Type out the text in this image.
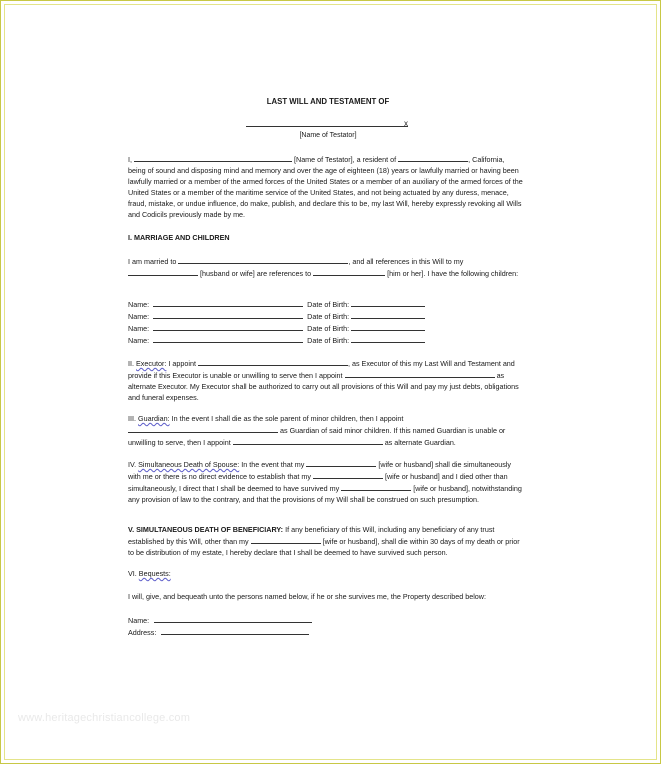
LAST WILL AND TESTAMENT OF
x
[Name of Testator]

I,	[Name of Testator], a resident of	, California, being of sound and disposing mind and memory and over the age of eighteen (18) years or lawfully married or having been lawfully married or a member of the armed forces of the United States or a member of an auxiliary of the armed forces of the United States or a member of the maritime service of the United States, and not being actuated by any duress, menace, fraud, mistake, or undue influence, do make, publish, and declare this to be, my last Will, hereby expressly revoking all Wills and Codicils previously made by me.

I. MARRIAGE AND CHILDREN

I am married to	, and all references in this Will to my  [husband or wife] are references to	[him or her]. I have the following children:

Name:	Date of Birth:
Name:	Date of Birth:
Name:	Date of Birth:
Name:	Date of Birth:

II. Executor: I appoint	, as Executor of this my Last Will and Testament and provide if this Executor is unable or unwilling to serve then I appoint	as alternate Executor. My Executor shall be authorized to carry out all provisions of this Will and pay my just debts, obligations and funeral expenses.

III. Guardian: In the event I shall die as the sole parent of minor children, then I appoint  as Guardian of said minor children. If this named Guardian is unable or unwilling to serve, then I appoint	as alternate Guardian.

IV. Simultaneous Death of Spouse: In the event that my	[wife or husband] shall die simultaneously with me or there is no direct evidence to establish that my	[wife or husband] and I died other than simultaneously, I direct that I shall be deemed to have survived my	[wife or husband], notwithstanding any provision of law to the contrary, and that the provisions of my Will shall be construed on such presumption.

V. SIMULTANEOUS DEATH OF BENEFICIARY: If any beneficiary of this Will, including any beneficiary of any trust established by this Will, other than my	[wife or husband], shall die within 30 days of my death or prior to be distribution of my estate, I hereby declare that I shall be deemed to have survived such person.

VI. Bequests:
I will, give, and bequeath unto the persons named below, if he or she survives me, the Property described below:
Name:
Address:
www.heritagechristiancollege.com
